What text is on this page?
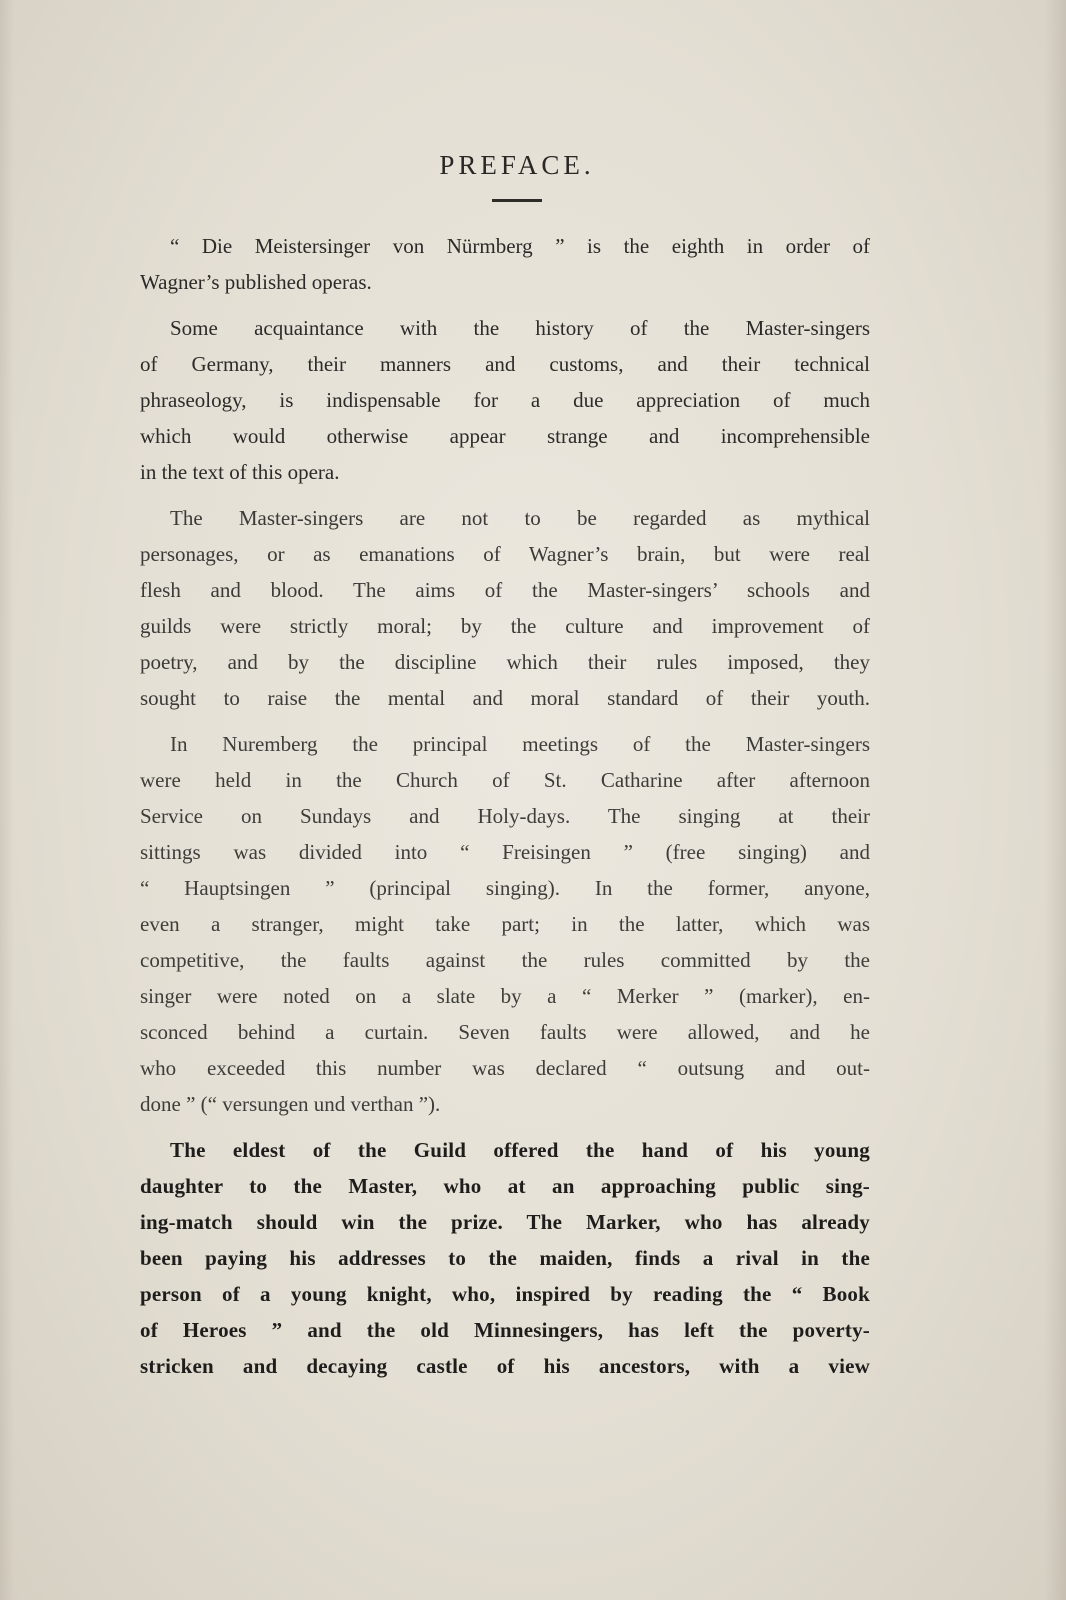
PREFACE.
“ Die Meistersinger von Nürmberg ” is the eighth in order of
Wagner’s published operas.
Some acquaintance with the history of the Master-singers
of Germany, their manners and customs, and their technical
phraseology, is indispensable for a due appreciation of much
which would otherwise appear strange and incomprehensible
in the text of this opera.
The Master-singers are not to be regarded as mythical
personages, or as emanations of Wagner’s brain, but were real
flesh and blood. The aims of the Master-singers’ schools and
guilds were strictly moral; by the culture and improvement of
poetry, and by the discipline which their rules imposed, they
sought to raise the mental and moral standard of their youth.
In Nuremberg the principal meetings of the Master-singers
were held in the Church of St. Catharine after afternoon
Service on Sundays and Holy-days. The singing at their
sittings was divided into “ Freisingen ” (free singing) and
“ Hauptsingen ” (principal singing). In the former, anyone,
even a stranger, might take part; in the latter, which was
competitive, the faults against the rules committed by the
singer were noted on a slate by a “ Merker ” (marker), en-
sconced behind a curtain. Seven faults were allowed, and he
who exceeded this number was declared “ outsung and out-
done ” (“ versungen und verthan ”).
The eldest of the Guild offered the hand of his young
daughter to the Master, who at an approaching public sing-
ing-match should win the prize. The Marker, who has already
been paying his addresses to the maiden, finds a rival in the
person of a young knight, who, inspired by reading the “ Book
of Heroes ” and the old Minnesingers, has left the poverty-
stricken and decaying castle of his ancestors, with a view
